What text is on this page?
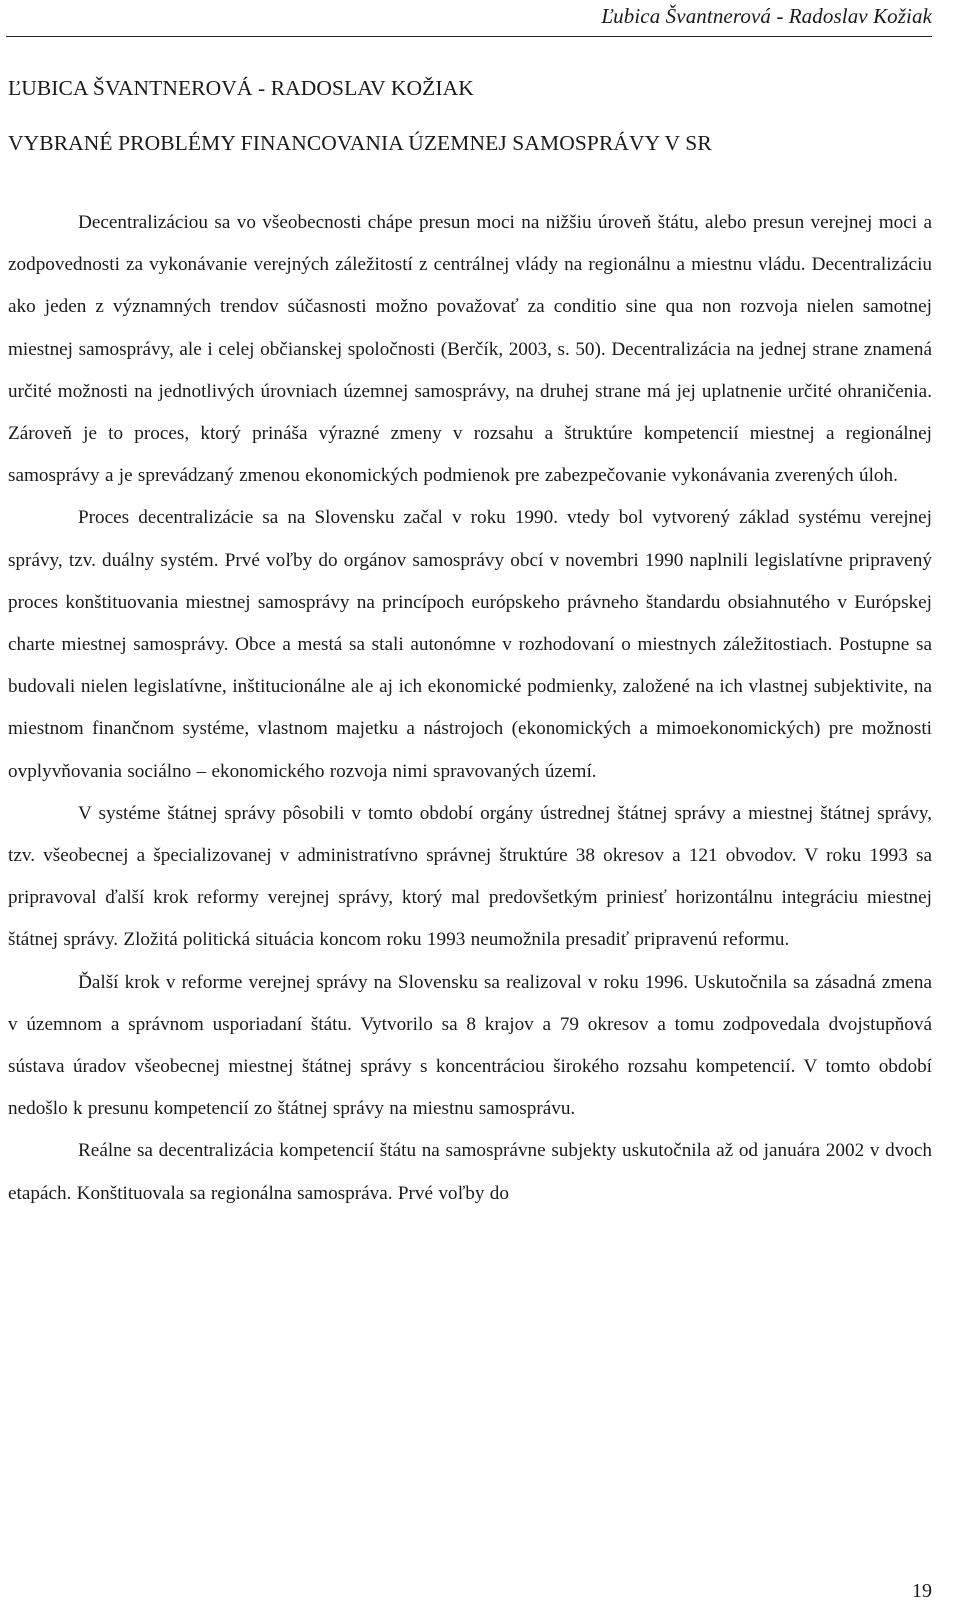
Ľubica Švantnerová - Radoslav Kožiak
ĽUBICA ŠVANTNEROVÁ - RADOSLAV KOŽIAK
VYBRANÉ PROBLÉMY FINANCOVANIA ÚZEMNEJ SAMOSPRÁVY V SR

Decentralizáciou sa vo všeobecnosti chápe presun moci na nižšiu úroveň štátu, alebo presun verejnej moci a zodpovednosti za vykonávanie verejných záležitostí z centrálnej vlády na regionálnu a miestnu vládu. Decentralizáciu ako jeden z významných trendov súčasnosti možno považovať za conditio sine qua non rozvoja nielen samotnej miestnej samosprávy, ale i celej občianskej spoločnosti (Berčík, 2003, s. 50). Decentralizácia na jednej strane znamená určité možnosti na jednotlivých úrovniach územnej samosprávy, na druhej strane má jej uplatnenie určité ohraničenia. Zároveň je to proces, ktorý prináša výrazné zmeny v rozsahu a štruktúre kompetencií miestnej a regionálnej samosprávy a je sprevádzaný zmenou ekonomických podmienok pre zabezpečovanie vykonávania zverených úloh.

Proces decentralizácie sa na Slovensku začal v roku 1990. vtedy bol vytvorený základ systému verejnej správy, tzv. duálny systém. Prvé voľby do orgánov samosprávy obcí v novembri 1990 naplnili legislatívne pripravený proces konštituovania miestnej samosprávy na princípoch európskeho právneho štandardu obsiahnutého v Európskej charte miestnej samosprávy. Obce a mestá sa stali autonómne v rozhodovaní o miestnych záležitostiach. Postupne sa budovali nielen legislatívne, inštitucionálne ale aj ich ekonomické podmienky, založené na ich vlastnej subjektivite, na miestnom finančnom systéme, vlastnom majetku a nástrojoch (ekonomických a mimoekonomických) pre možnosti ovplyvňovania sociálno – ekonomického rozvoja nimi spravovaných území.

V systéme štátnej správy pôsobili v tomto období orgány ústrednej štátnej správy a miestnej štátnej správy, tzv. všeobecnej a špecializovanej v administratívno správnej štruktúre 38 okresov a 121 obvodov. V roku 1993 sa pripravoval ďalší krok reformy verejnej správy, ktorý mal predovšetkým priniesť horizontálnu integráciu miestnej štátnej správy. Zložitá politická situácia koncom roku 1993 neumožnila presadiť pripravenú reformu.

Ďalší krok v reforme verejnej správy na Slovensku sa realizoval v roku 1996. Uskutočnila sa zásadná zmena v územnom a správnom usporiadaní štátu. Vytvorilo sa 8 krajov a 79 okresov a tomu zodpovedala dvojstupňová sústava úradov všeobecnej miestnej štátnej správy s koncentráciou širokého rozsahu kompetencií. V tomto období nedošlo k presunu kompetencií zo štátnej správy na miestnu samosprávu.

Reálne sa decentralizácia kompetencií štátu na samosprávne subjekty uskutočnila až od januára 2002 v dvoch etapách. Konštituovala sa regionálna samospráva. Prvé voľby do

19
